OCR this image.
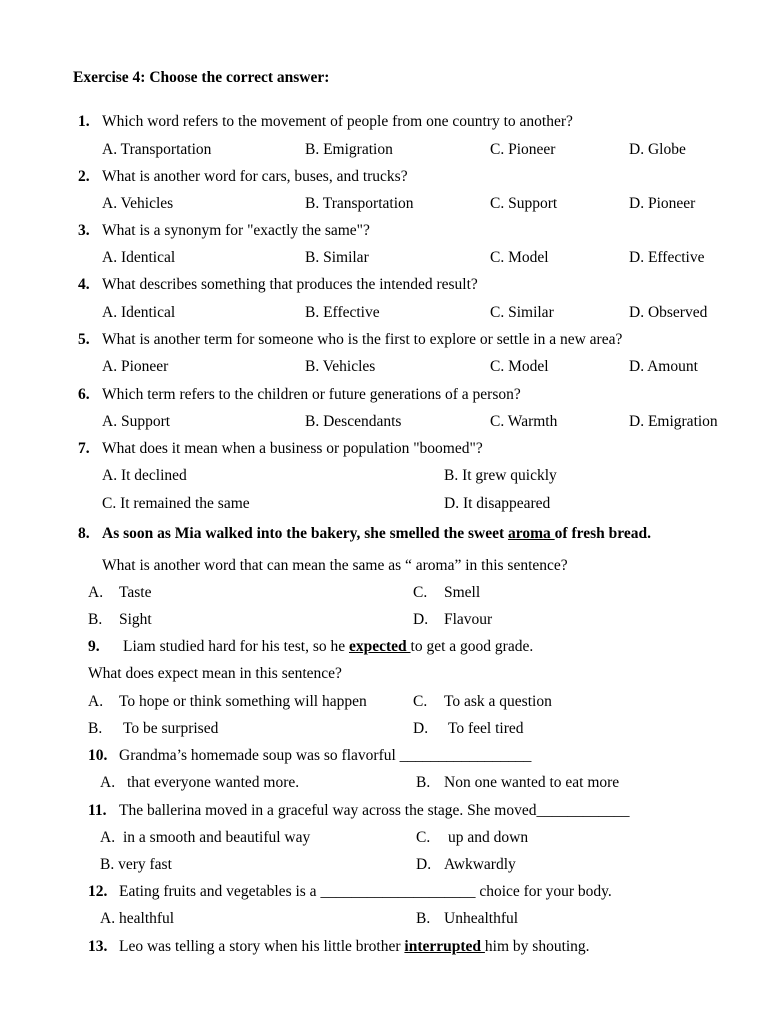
Exercise 4: Choose the correct answer:
1. Which word refers to the movement of people from one country to another?
A. Transportation	B. Emigration	C. Pioneer	D. Globe
2. What is another word for cars, buses, and trucks?
A. Vehicles	B. Transportation	C. Support	D. Pioneer
3. What is a synonym for "exactly the same"?
A. Identical	B. Similar	C. Model	D. Effective
4. What describes something that produces the intended result?
A. Identical	B. Effective	C. Similar	D. Observed
5. What is another term for someone who is the first to explore or settle in a new area?
A. Pioneer	B. Vehicles	C. Model	D. Amount
6. Which term refers to the children or future generations of a person?
A. Support	B. Descendants	C. Warmth	D. Emigration
7. What does it mean when a business or population "boomed"?
A. It declined	B. It grew quickly
C. It remained the same	D. It disappeared
8. As soon as Mia walked into the bakery, she smelled the sweet aroma of fresh bread.
What is another word that can mean the same as “ aroma” in this sentence?
A. Taste	C. Smell
B. Sight	D. Flavour
9. Liam studied hard for his test, so he expected to get a good grade.
What does expect mean in this sentence?
A. To hope or think something will happen	C. To ask a question
B. To be surprised	D. To feel tired
10. Grandma’s homemade soup was so flavorful _________________
A. that everyone wanted more.	B. Non one wanted to eat more
11. The ballerina moved in a graceful way across the stage. She moved____________
A. in a smooth and beautiful way	C. up and down
B. very fast	D. Awkwardly
12. Eating fruits and vegetables is a ____________________ choice for your body.
A. healthful	B. Unhealthful
13. Leo was telling a story when his little brother interrupted him by shouting.
